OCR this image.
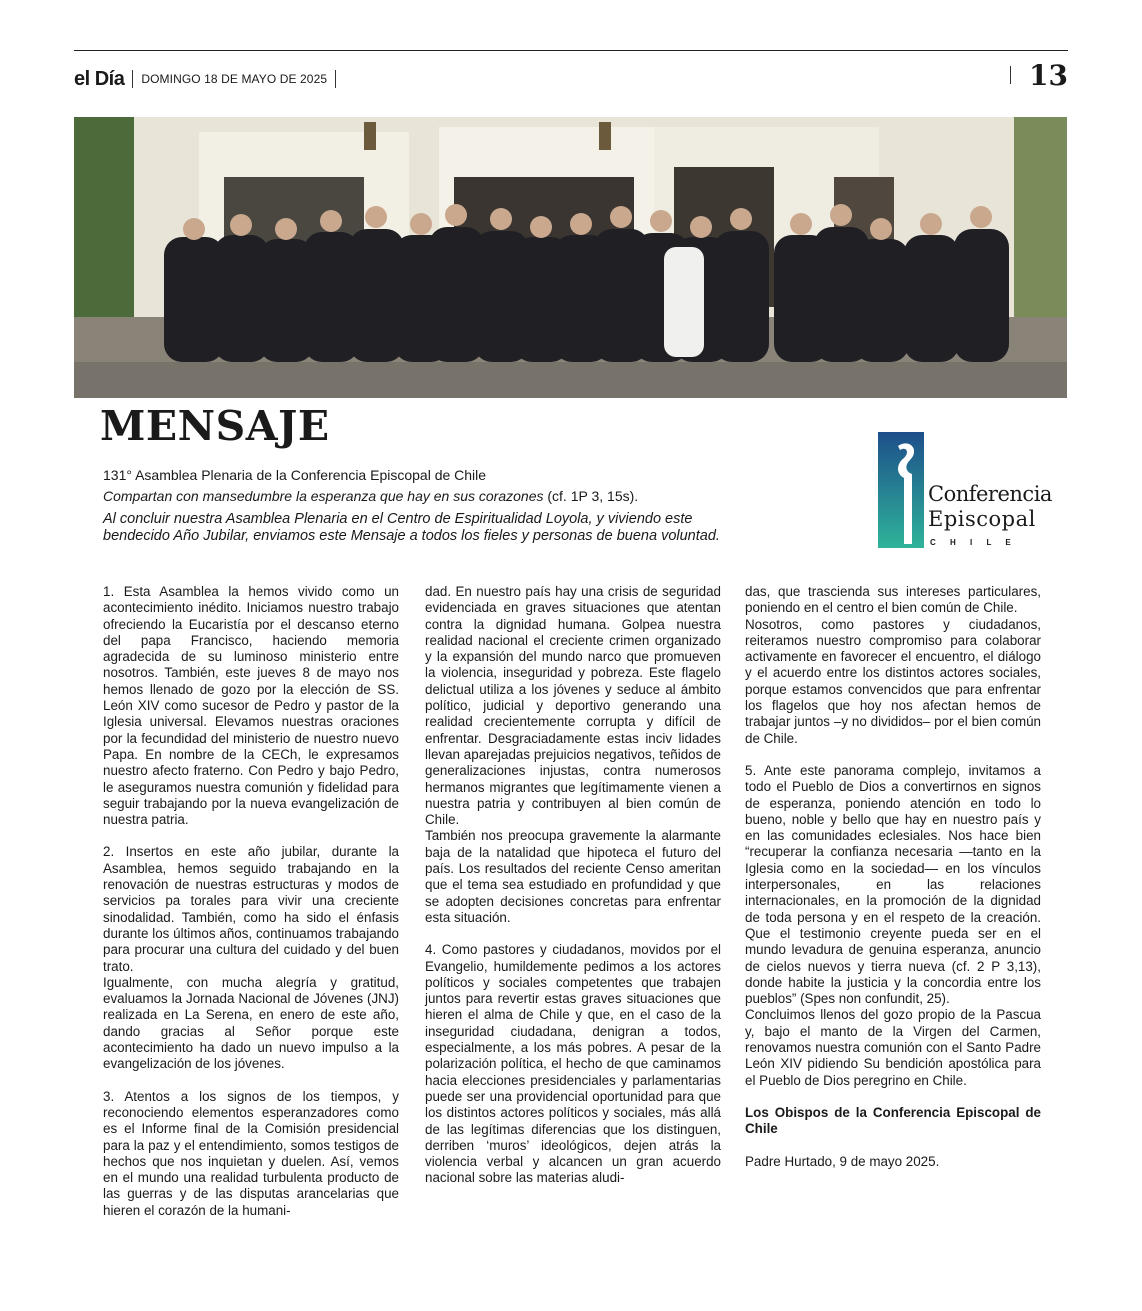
el Día DOMINGO 18 DE MAYO DE 2025	13
MENSAJE
131° Asamblea Plenaria de la Conferencia Episcopal de Chile
Compartan con mansedumbre la esperanza que hay en sus corazones (cf. 1P 3, 15s).
Al concluir nuestra Asamblea Plenaria en el Centro de Espiritualidad Loyola, y viviendo este bendecido Año Jubilar, enviamos este Mensaje a todos los fieles y personas de buena voluntad.
Conferencia
Episcopal
C H I L E

1. Esta Asamblea la hemos vivido como un acontecimiento inédito. Iniciamos nuestro trabajo ofreciendo la Eucaristía por el descanso eterno del papa Francisco, haciendo memoria agradecida de su luminoso ministerio entre nosotros. También, este jueves 8 de mayo nos hemos llenado de gozo por la elección de SS. León XIV como sucesor de Pedro y pastor de la Iglesia universal. Elevamos nuestras oraciones por la fecundidad del ministerio de nuestro nuevo Papa. En nombre de la CECh, le expresamos nuestro afecto fraterno. Con Pedro y bajo Pedro, le aseguramos nuestra comunión y fidelidad para seguir trabajando por la nueva evangelización de nuestra patria.

2. Insertos en este año jubilar, durante la Asamblea, hemos seguido trabajando en la renovación de nuestras estructuras y modos de servicios pa torales para vivir una creciente sinodalidad. También, como ha sido el énfasis durante los últimos años, continuamos trabajando para procurar una cultura del cuidado y del buen trato.

Igualmente, con mucha alegría y gratitud, evaluamos la Jornada Nacional de Jóvenes (JNJ) realizada en La Serena, en enero de este año, dando gracias al Señor porque este acontecimiento ha dado un nuevo impulso a la evangelización de los jóvenes.

3. Atentos a los signos de los tiempos, y reconociendo elementos esperanzadores como es el Informe final de la Comisión presidencial para la paz y el entendimiento, somos testigos de hechos que nos inquietan y duelen. Así, vemos en el mundo una realidad turbulenta producto de las guerras y de las disputas arancelarias que hieren el corazón de la humani-

dad. En nuestro país hay una crisis de seguridad evidenciada en graves situaciones que atentan contra la dignidad humana. Golpea nuestra realidad nacional el creciente crimen organizado y la expansión del mundo narco que promueven la violencia, inseguridad y pobreza. Este flagelo delictual utiliza a los jóvenes y seduce al ámbito político, judicial y deportivo generando una realidad crecientemente corrupta y difícil de enfrentar. Desgraciadamente estas inciv lidades llevan aparejadas prejuicios negativos, teñidos de generalizaciones injustas, contra numerosos hermanos migrantes que legítimamente vienen a nuestra patria y contribuyen al bien común de Chile.

También nos preocupa gravemente la alarmante baja de la natalidad que hipoteca el futuro del país. Los resultados del reciente Censo ameritan que el tema sea estudiado en profundidad y que se adopten decisiones concretas para enfrentar esta situación.

4. Como pastores y ciudadanos, movidos por el Evangelio, humildemente pedimos a los actores políticos y sociales competentes que trabajen juntos para revertir estas graves situaciones que hieren el alma de Chile y que, en el caso de la inseguridad ciudadana, denigran a todos, especialmente, a los más pobres. A pesar de la polarización política, el hecho de que caminamos hacia elecciones presidenciales y parlamentarias puede ser una providencial oportunidad para que los distintos actores políticos y sociales, más allá de las legítimas diferencias que los distinguen, derriben ‘muros’ ideológicos, dejen atrás la violencia verbal y alcancen un gran acuerdo nacional sobre las materias aludi-

das, que trascienda sus intereses particulares, poniendo en el centro el bien común de Chile.

Nosotros, como pastores y ciudadanos, reiteramos nuestro compromiso para colaborar activamente en favorecer el encuentro, el diálogo y el acuerdo entre los distintos actores sociales, porque estamos convencidos que para enfrentar los flagelos que hoy nos afectan hemos de trabajar juntos –y no divididos– por el bien común de Chile.

5. Ante este panorama complejo, invitamos a todo el Pueblo de Dios a convertirnos en signos de esperanza, poniendo atención en todo lo bueno, noble y bello que hay en nuestro país y en las comunidades eclesiales. Nos hace bien “recuperar la confianza necesaria —tanto en la Iglesia como en la sociedad— en los vínculos interpersonales, en las relaciones internacionales, en la promoción de la dignidad de toda persona y en el respeto de la creación. Que el testimonio creyente pueda ser en el mundo levadura de genuina esperanza, anuncio de cielos nuevos y tierra nueva (cf. 2 P 3,13), donde habite la justicia y la concordia entre los pueblos” (Spes non confundit, 25).

Concluimos llenos del gozo propio de la Pascua y, bajo el manto de la Virgen del Carmen, renovamos nuestra comunión con el Santo Padre León XIV pidiendo Su bendición apostólica para el Pueblo de Dios peregrino en Chile.

Los Obispos de la Conferencia Episcopal de Chile

Padre Hurtado, 9 de mayo 2025.
